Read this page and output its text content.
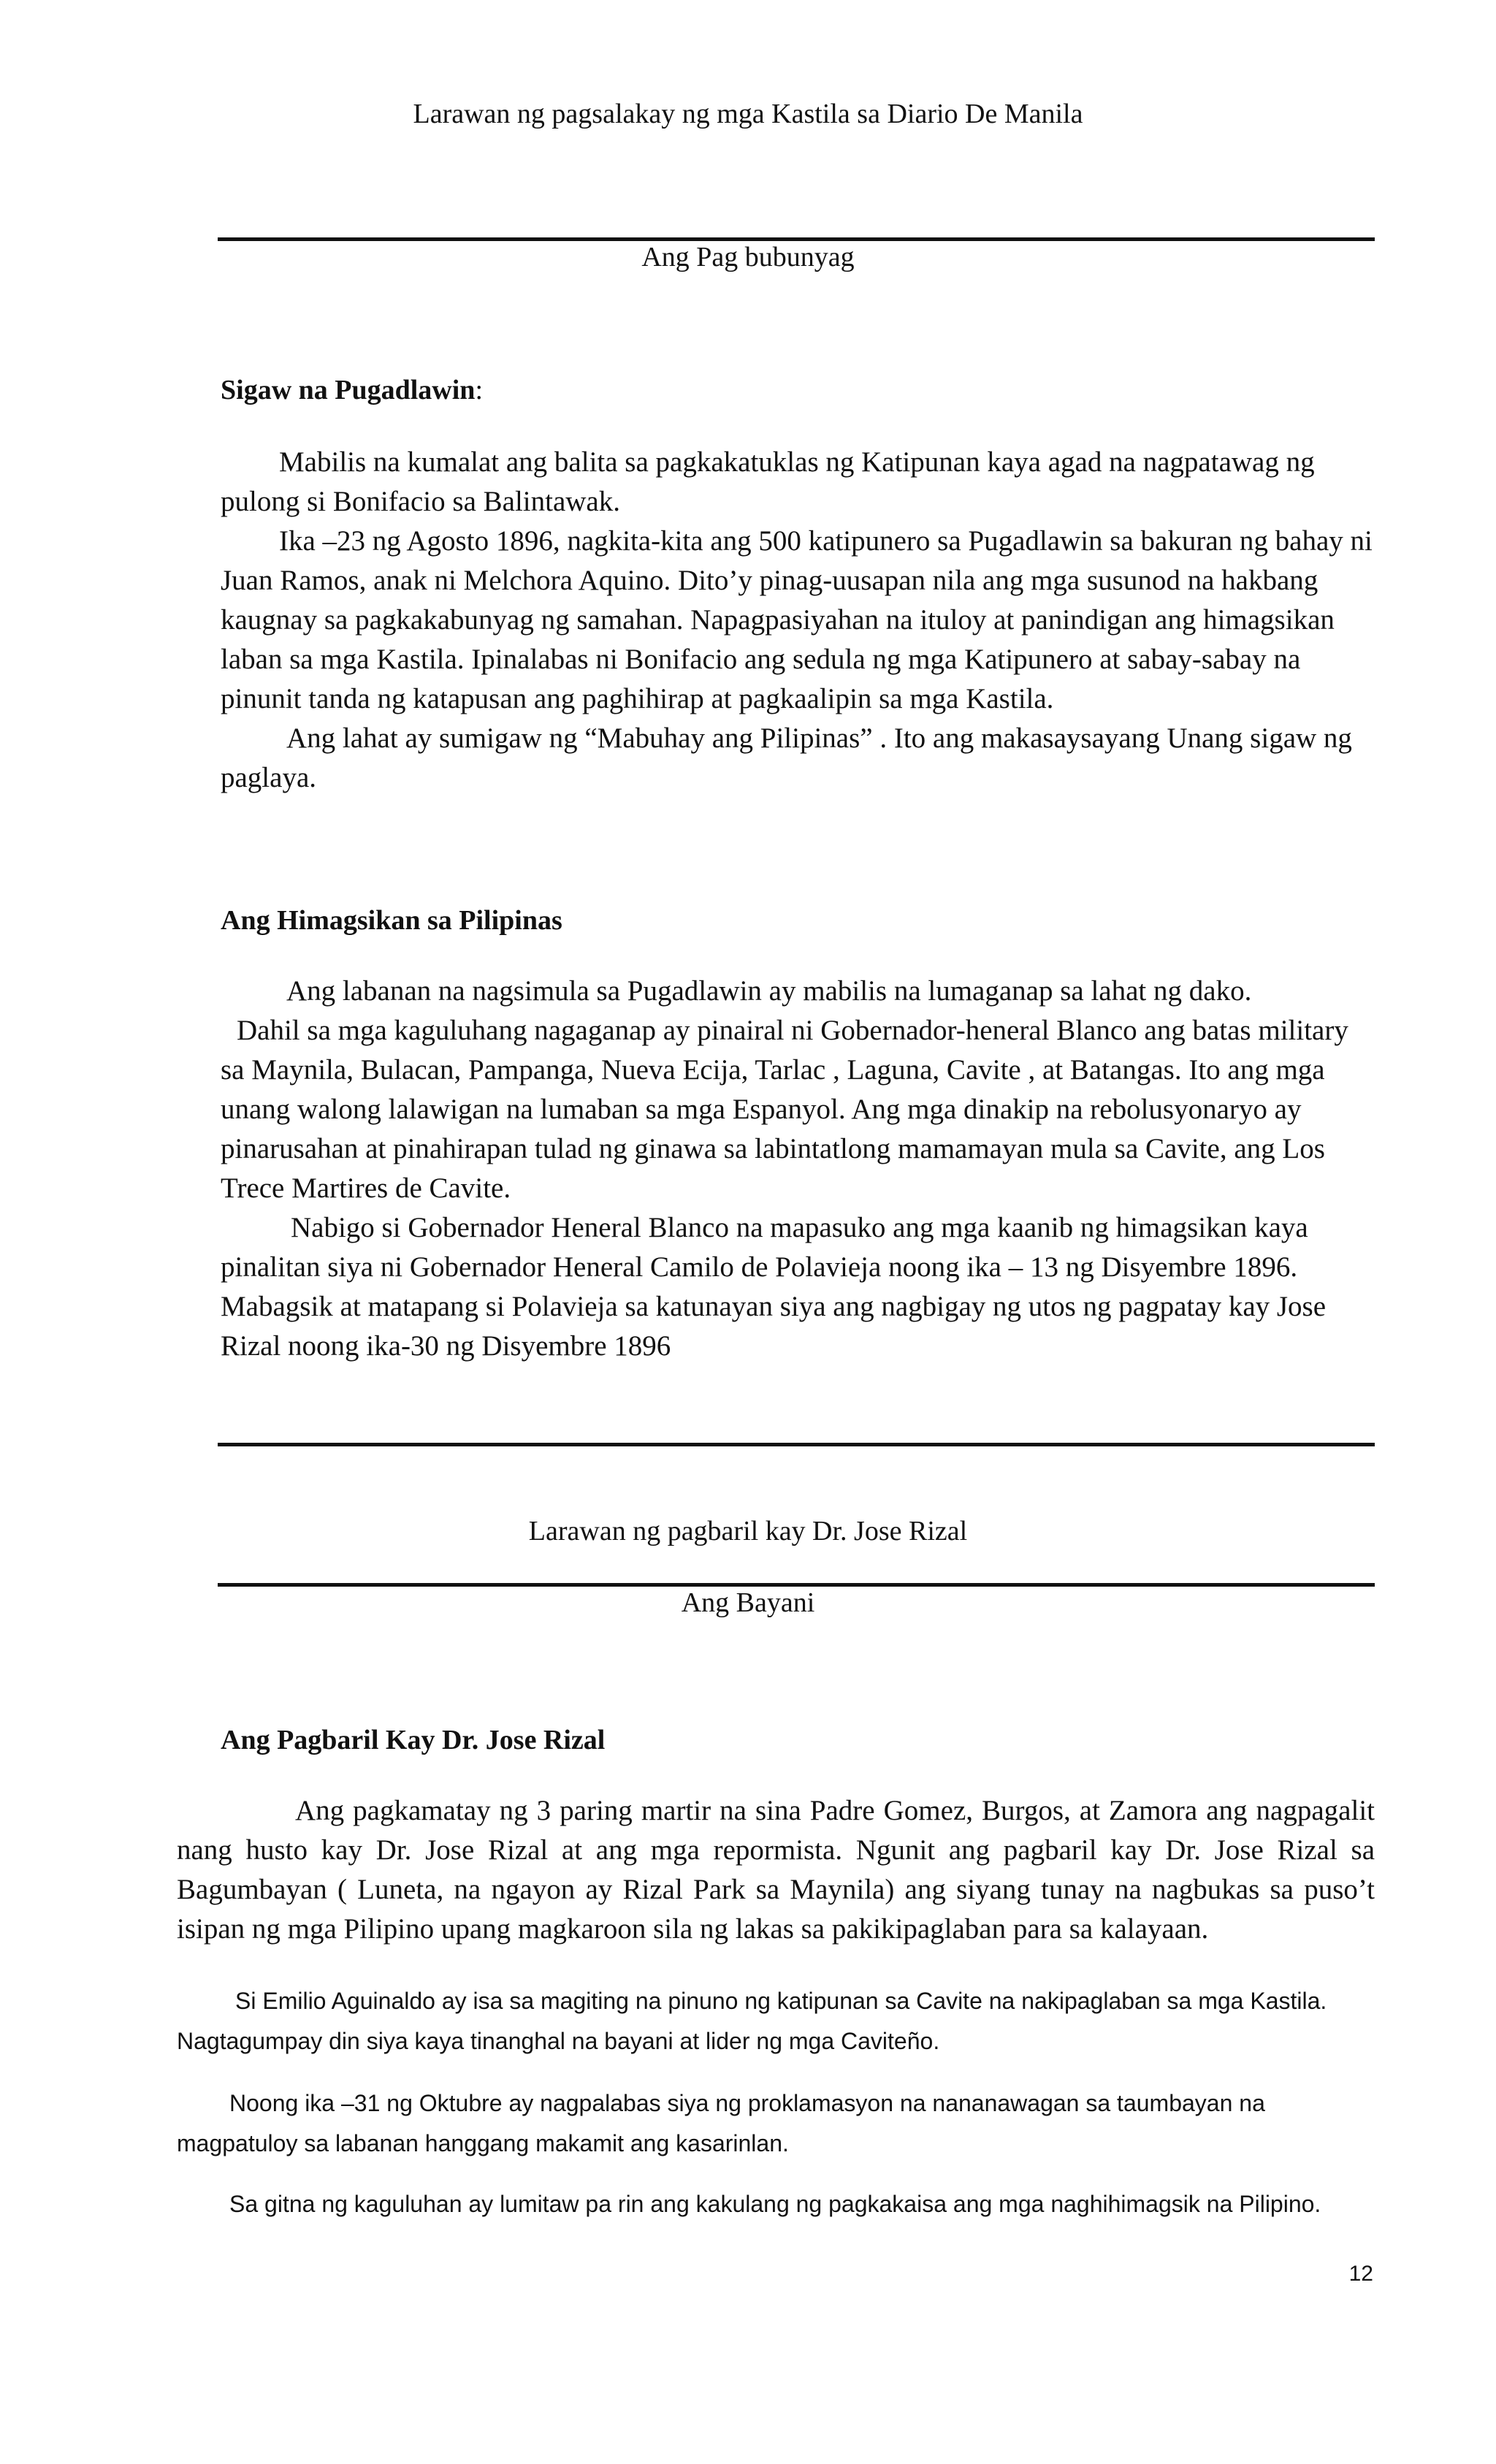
Larawan ng pagsalakay ng mga Kastila sa Diario De Manila
Ang Pag bubunyag
Sigaw na Pugadlawin:

Mabilis na kumalat ang balita sa pagkakatuklas ng Katipunan kaya agad na nagpatawag ng pulong si Bonifacio sa Balintawak.

Ika –23 ng Agosto 1896, nagkita-kita ang 500 katipunero sa Pugadlawin sa bakuran ng bahay ni Juan Ramos, anak ni Melchora Aquino. Dito’y pinag-uusapan nila ang mga susunod na hakbang kaugnay sa pagkakabunyag ng samahan. Napagpasiyahan na ituloy at panindigan ang himagsikan laban sa mga Kastila. Ipinalabas ni Bonifacio ang sedula ng mga Katipunero at sabay-sabay na pinunit tanda ng katapusan ang paghihirap at pagkaalipin sa mga Kastila.

Ang lahat ay sumigaw ng “Mabuhay ang Pilipinas” . Ito ang makasaysayang Unang sigaw ng paglaya.

Ang Himagsikan sa Pilipinas

Ang labanan na nagsimula sa Pugadlawin ay mabilis na lumaganap sa lahat ng dako.

Dahil sa mga kaguluhang nagaganap ay pinairal ni Gobernador-heneral Blanco ang batas military sa Maynila, Bulacan, Pampanga, Nueva Ecija, Tarlac , Laguna, Cavite , at Batangas. Ito ang mga unang walong lalawigan na lumaban sa mga Espanyol. Ang mga dinakip na rebolusyonaryo ay pinarusahan at pinahirapan tulad ng ginawa sa labintatlong mamamayan mula sa Cavite, ang Los Trece Martires de Cavite.

Nabigo si Gobernador Heneral Blanco na mapasuko ang mga kaanib ng himagsikan kaya pinalitan siya ni Gobernador Heneral Camilo de Polavieja noong ika – 13 ng Disyembre 1896. Mabagsik at matapang si Polavieja sa katunayan siya ang nagbigay ng utos ng pagpatay kay Jose Rizal noong ika-30 ng Disyembre 1896

Larawan ng pagbaril kay Dr. Jose Rizal
Ang Bayani
Ang Pagbaril Kay Dr. Jose Rizal

Ang pagkamatay ng 3 paring martir na sina Padre Gomez, Burgos, at Zamora ang nagpagalit nang husto kay Dr. Jose Rizal at ang mga repormista. Ngunit ang pagbaril kay Dr. Jose Rizal sa Bagumbayan ( Luneta, na ngayon ay Rizal Park sa Maynila) ang siyang tunay na nagbukas sa puso’t isipan ng mga Pilipino upang magkaroon sila ng lakas sa pakikipaglaban para sa kalayaan.

Si Emilio Aguinaldo ay isa sa magiting na pinuno ng katipunan sa Cavite na nakipaglaban sa mga Kastila. Nagtagumpay din siya kaya tinanghal na bayani at lider ng mga Caviteño.

Noong ika –31 ng Oktubre ay nagpalabas siya ng proklamasyon na nananawagan sa taumbayan na magpatuloy sa labanan hanggang makamit ang kasarinlan.

Sa gitna ng kaguluhan ay lumitaw pa rin ang kakulang ng pagkakaisa ang mga naghihimagsik na Pilipino.

12
